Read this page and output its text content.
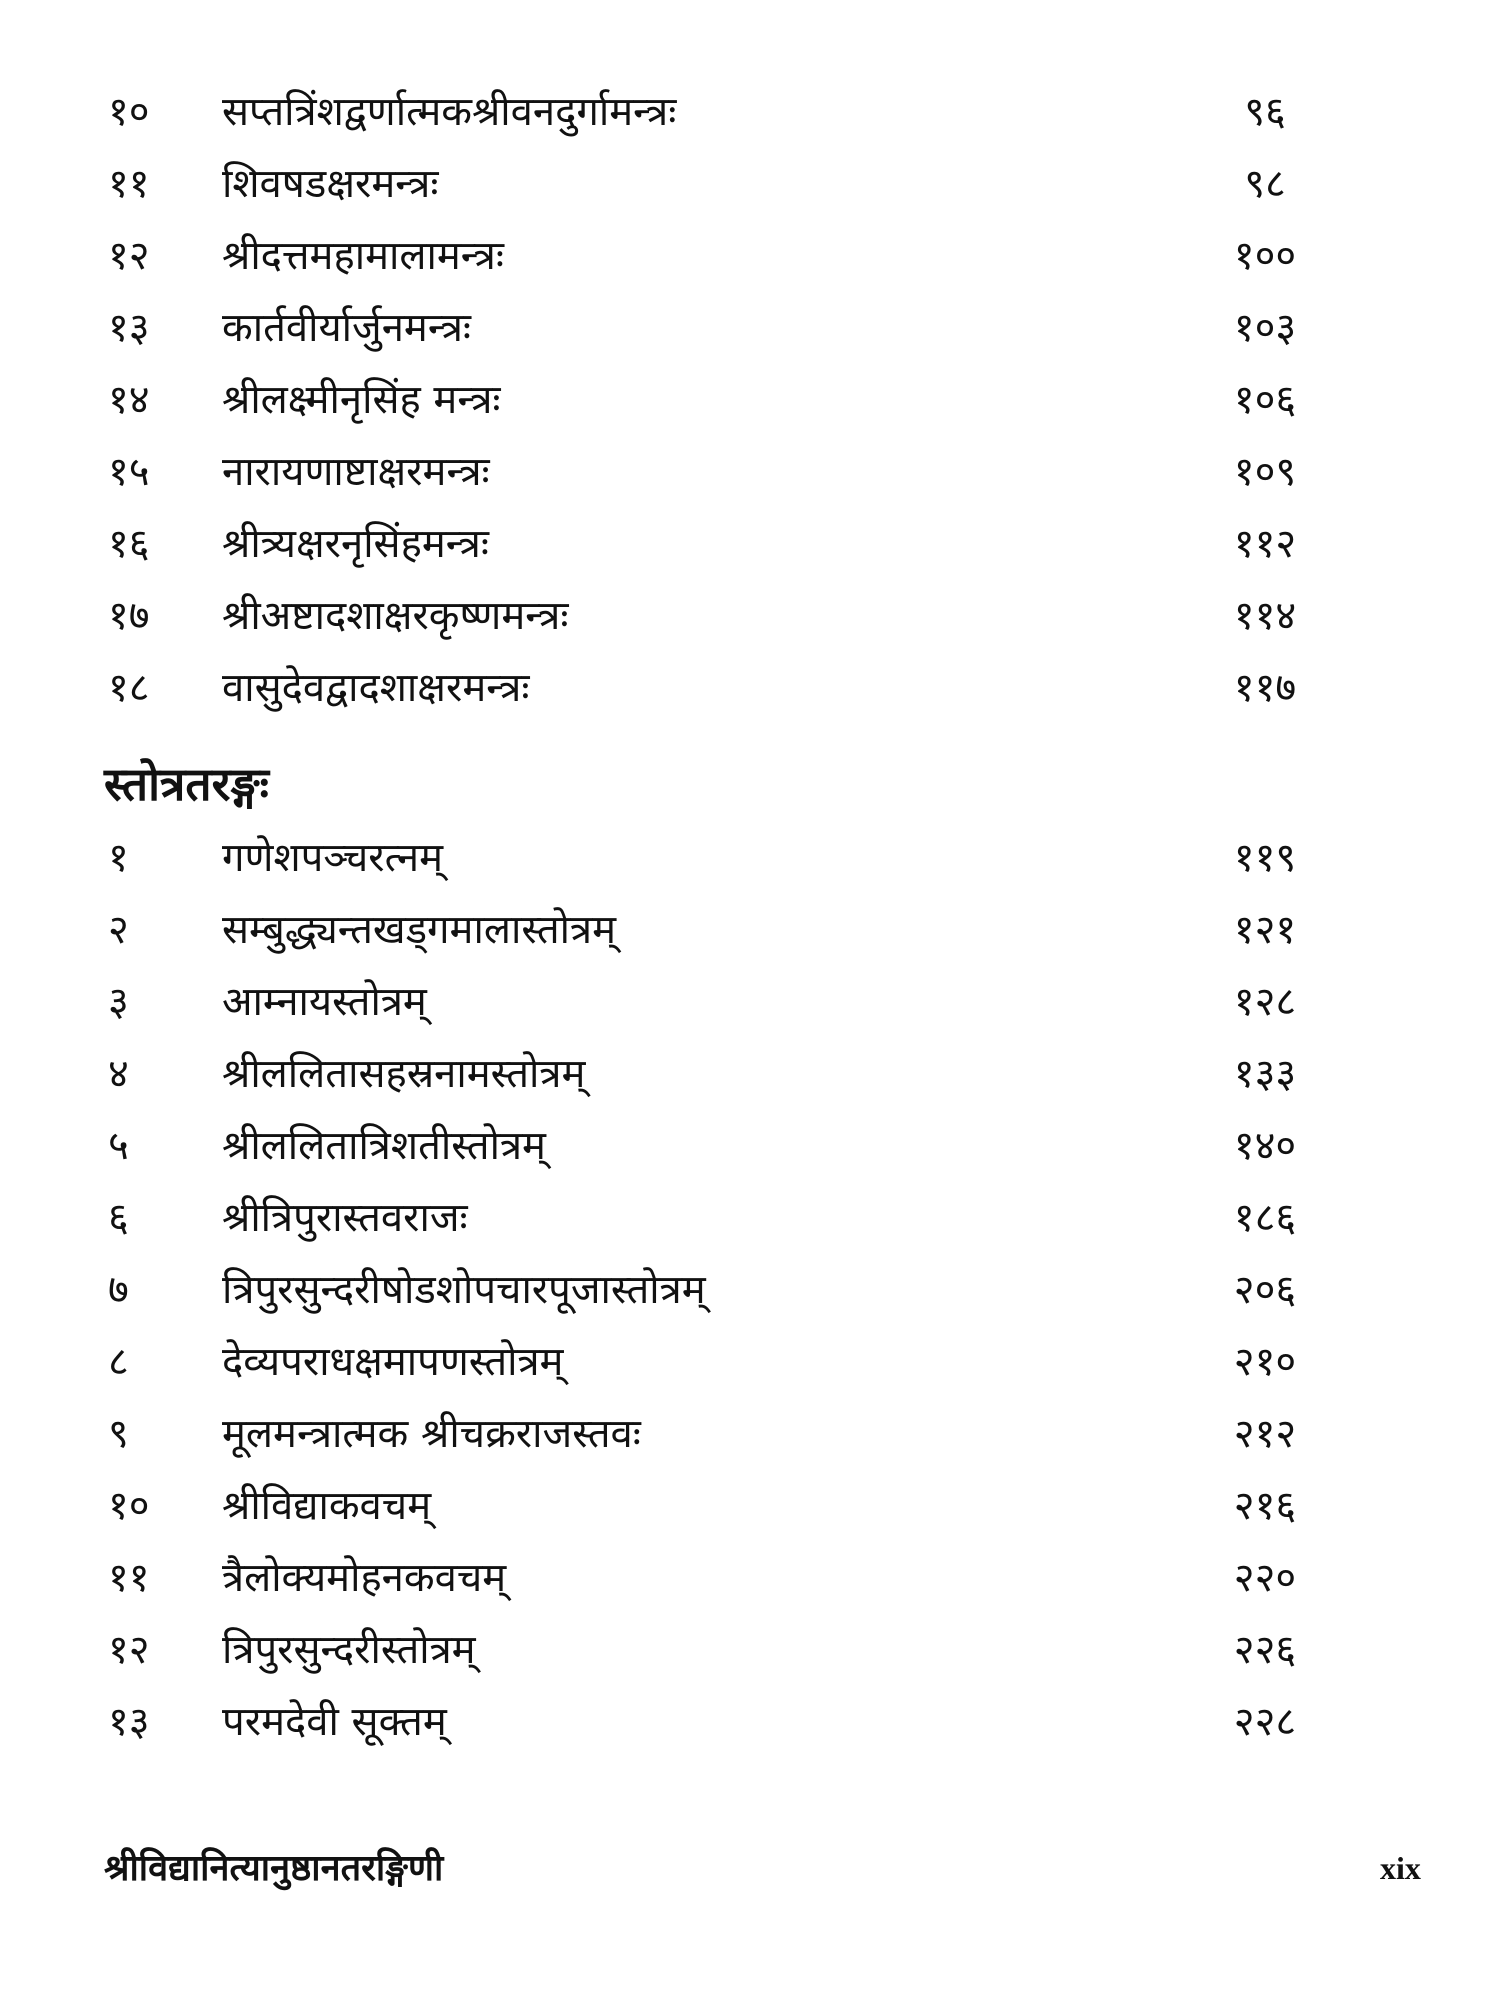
१०	सप्तत्रिंशद्वर्णात्मकश्रीवनदुर्गामन्त्रः	९६
११	शिवषडक्षरमन्त्रः	९८
१२	श्रीदत्तमहामालामन्त्रः	१००
१३	कार्तवीर्यार्जुनमन्त्रः	१०३
१४	श्रीलक्ष्मीनृसिंह मन्त्रः	१०६
१५	नारायणाष्टाक्षरमन्त्रः	१०९
१६	श्रीत्र्यक्षरनृसिंहमन्त्रः	११२
१७	श्रीअष्टादशाक्षरकृष्णमन्त्रः	११४
१८	वासुदेवद्वादशाक्षरमन्त्रः	११७
स्तोत्रतरङ्गः
१	गणेशपञ्चरत्नम्	११९
२	सम्बुद्ध्यन्तखड्गमालास्तोत्रम्	१२१
३	आम्नायस्तोत्रम्	१२८
४	श्रीललितासहस्रनामस्तोत्रम्	१३३
५	श्रीललितात्रिशतीस्तोत्रम्	१४०
६	श्रीत्रिपुरास्तवराजः	१८६
७	त्रिपुरसुन्दरीषोडशोपचारपूजास्तोत्रम्	२०६
८	देव्यपराधक्षमापणस्तोत्रम्	२१०
९	मूलमन्त्रात्मक श्रीचक्रराजस्तवः	२१२
१०	श्रीविद्याकवचम्	२१६
११	त्रैलोक्यमोहनकवचम्	२२०
१२	त्रिपुरसुन्दरीस्तोत्रम्	२२६
१३	परमदेवी सूक्तम्	२२८
श्रीविद्यानित्यानुष्ठानतरङ्गिणी	xix
